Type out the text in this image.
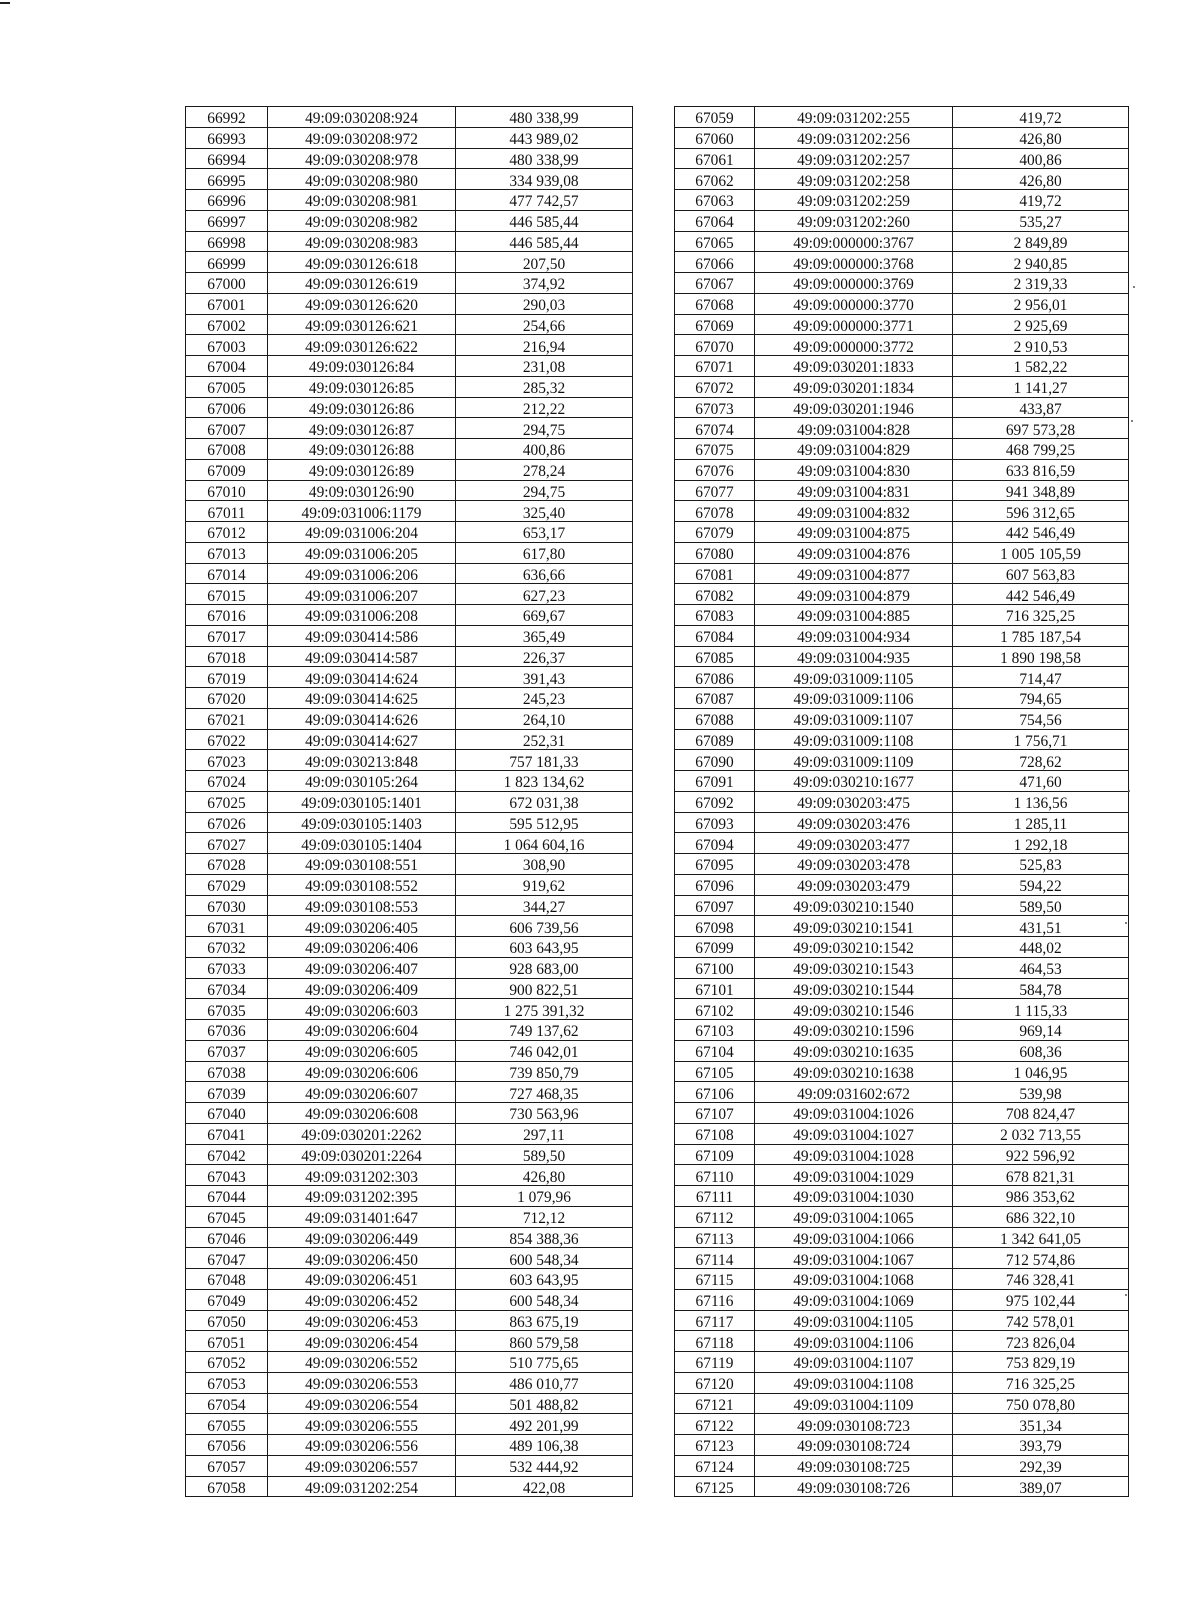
66992	49:09:030208:924	480 338,99
66993	49:09:030208:972	443 989,02
66994	49:09:030208:978	480 338,99
66995	49:09:030208:980	334 939,08
66996	49:09:030208:981	477 742,57
66997	49:09:030208:982	446 585,44
66998	49:09:030208:983	446 585,44
66999	49:09:030126:618	207,50
67000	49:09:030126:619	374,92
67001	49:09:030126:620	290,03
67002	49:09:030126:621	254,66
67003	49:09:030126:622	216,94
67004	49:09:030126:84	231,08
67005	49:09:030126:85	285,32
67006	49:09:030126:86	212,22
67007	49:09:030126:87	294,75
67008	49:09:030126:88	400,86
67009	49:09:030126:89	278,24
67010	49:09:030126:90	294,75
67011	49:09:031006:1179	325,40
67012	49:09:031006:204	653,17
67013	49:09:031006:205	617,80
67014	49:09:031006:206	636,66
67015	49:09:031006:207	627,23
67016	49:09:031006:208	669,67
67017	49:09:030414:586	365,49
67018	49:09:030414:587	226,37
67019	49:09:030414:624	391,43
67020	49:09:030414:625	245,23
67021	49:09:030414:626	264,10
67022	49:09:030414:627	252,31
67023	49:09:030213:848	757 181,33
67024	49:09:030105:264	1 823 134,62
67025	49:09:030105:1401	672 031,38
67026	49:09:030105:1403	595 512,95
67027	49:09:030105:1404	1 064 604,16
67028	49:09:030108:551	308,90
67029	49:09:030108:552	919,62
67030	49:09:030108:553	344,27
67031	49:09:030206:405	606 739,56
67032	49:09:030206:406	603 643,95
67033	49:09:030206:407	928 683,00
67034	49:09:030206:409	900 822,51
67035	49:09:030206:603	1 275 391,32
67036	49:09:030206:604	749 137,62
67037	49:09:030206:605	746 042,01
67038	49:09:030206:606	739 850,79
67039	49:09:030206:607	727 468,35
67040	49:09:030206:608	730 563,96
67041	49:09:030201:2262	297,11
67042	49:09:030201:2264	589,50
67043	49:09:031202:303	426,80
67044	49:09:031202:395	1 079,96
67045	49:09:031401:647	712,12
67046	49:09:030206:449	854 388,36
67047	49:09:030206:450	600 548,34
67048	49:09:030206:451	603 643,95
67049	49:09:030206:452	600 548,34
67050	49:09:030206:453	863 675,19
67051	49:09:030206:454	860 579,58
67052	49:09:030206:552	510 775,65
67053	49:09:030206:553	486 010,77
67054	49:09:030206:554	501 488,82
67055	49:09:030206:555	492 201,99
67056	49:09:030206:556	489 106,38
67057	49:09:030206:557	532 444,92
67058	49:09:031202:254	422,08
67059	49:09:031202:255	419,72
67060	49:09:031202:256	426,80
67061	49:09:031202:257	400,86
67062	49:09:031202:258	426,80
67063	49:09:031202:259	419,72
67064	49:09:031202:260	535,27
67065	49:09:000000:3767	2 849,89
67066	49:09:000000:3768	2 940,85
67067	49:09:000000:3769	2 319,33
67068	49:09:000000:3770	2 956,01
67069	49:09:000000:3771	2 925,69
67070	49:09:000000:3772	2 910,53
67071	49:09:030201:1833	1 582,22
67072	49:09:030201:1834	1 141,27
67073	49:09:030201:1946	433,87
67074	49:09:031004:828	697 573,28
67075	49:09:031004:829	468 799,25
67076	49:09:031004:830	633 816,59
67077	49:09:031004:831	941 348,89
67078	49:09:031004:832	596 312,65
67079	49:09:031004:875	442 546,49
67080	49:09:031004:876	1 005 105,59
67081	49:09:031004:877	607 563,83
67082	49:09:031004:879	442 546,49
67083	49:09:031004:885	716 325,25
67084	49:09:031004:934	1 785 187,54
67085	49:09:031004:935	1 890 198,58
67086	49:09:031009:1105	714,47
67087	49:09:031009:1106	794,65
67088	49:09:031009:1107	754,56
67089	49:09:031009:1108	1 756,71
67090	49:09:031009:1109	728,62
67091	49:09:030210:1677	471,60
67092	49:09:030203:475	1 136,56
67093	49:09:030203:476	1 285,11
67094	49:09:030203:477	1 292,18
67095	49:09:030203:478	525,83
67096	49:09:030203:479	594,22
67097	49:09:030210:1540	589,50
67098	49:09:030210:1541	431,51
67099	49:09:030210:1542	448,02
67100	49:09:030210:1543	464,53
67101	49:09:030210:1544	584,78
67102	49:09:030210:1546	1 115,33
67103	49:09:030210:1596	969,14
67104	49:09:030210:1635	608,36
67105	49:09:030210:1638	1 046,95
67106	49:09:031602:672	539,98
67107	49:09:031004:1026	708 824,47
67108	49:09:031004:1027	2 032 713,55
67109	49:09:031004:1028	922 596,92
67110	49:09:031004:1029	678 821,31
67111	49:09:031004:1030	986 353,62
67112	49:09:031004:1065	686 322,10
67113	49:09:031004:1066	1 342 641,05
67114	49:09:031004:1067	712 574,86
67115	49:09:031004:1068	746 328,41
67116	49:09:031004:1069	975 102,44
67117	49:09:031004:1105	742 578,01
67118	49:09:031004:1106	723 826,04
67119	49:09:031004:1107	753 829,19
67120	49:09:031004:1108	716 325,25
67121	49:09:031004:1109	750 078,80
67122	49:09:030108:723	351,34
67123	49:09:030108:724	393,79
67124	49:09:030108:725	292,39
67125	49:09:030108:726	389,07
